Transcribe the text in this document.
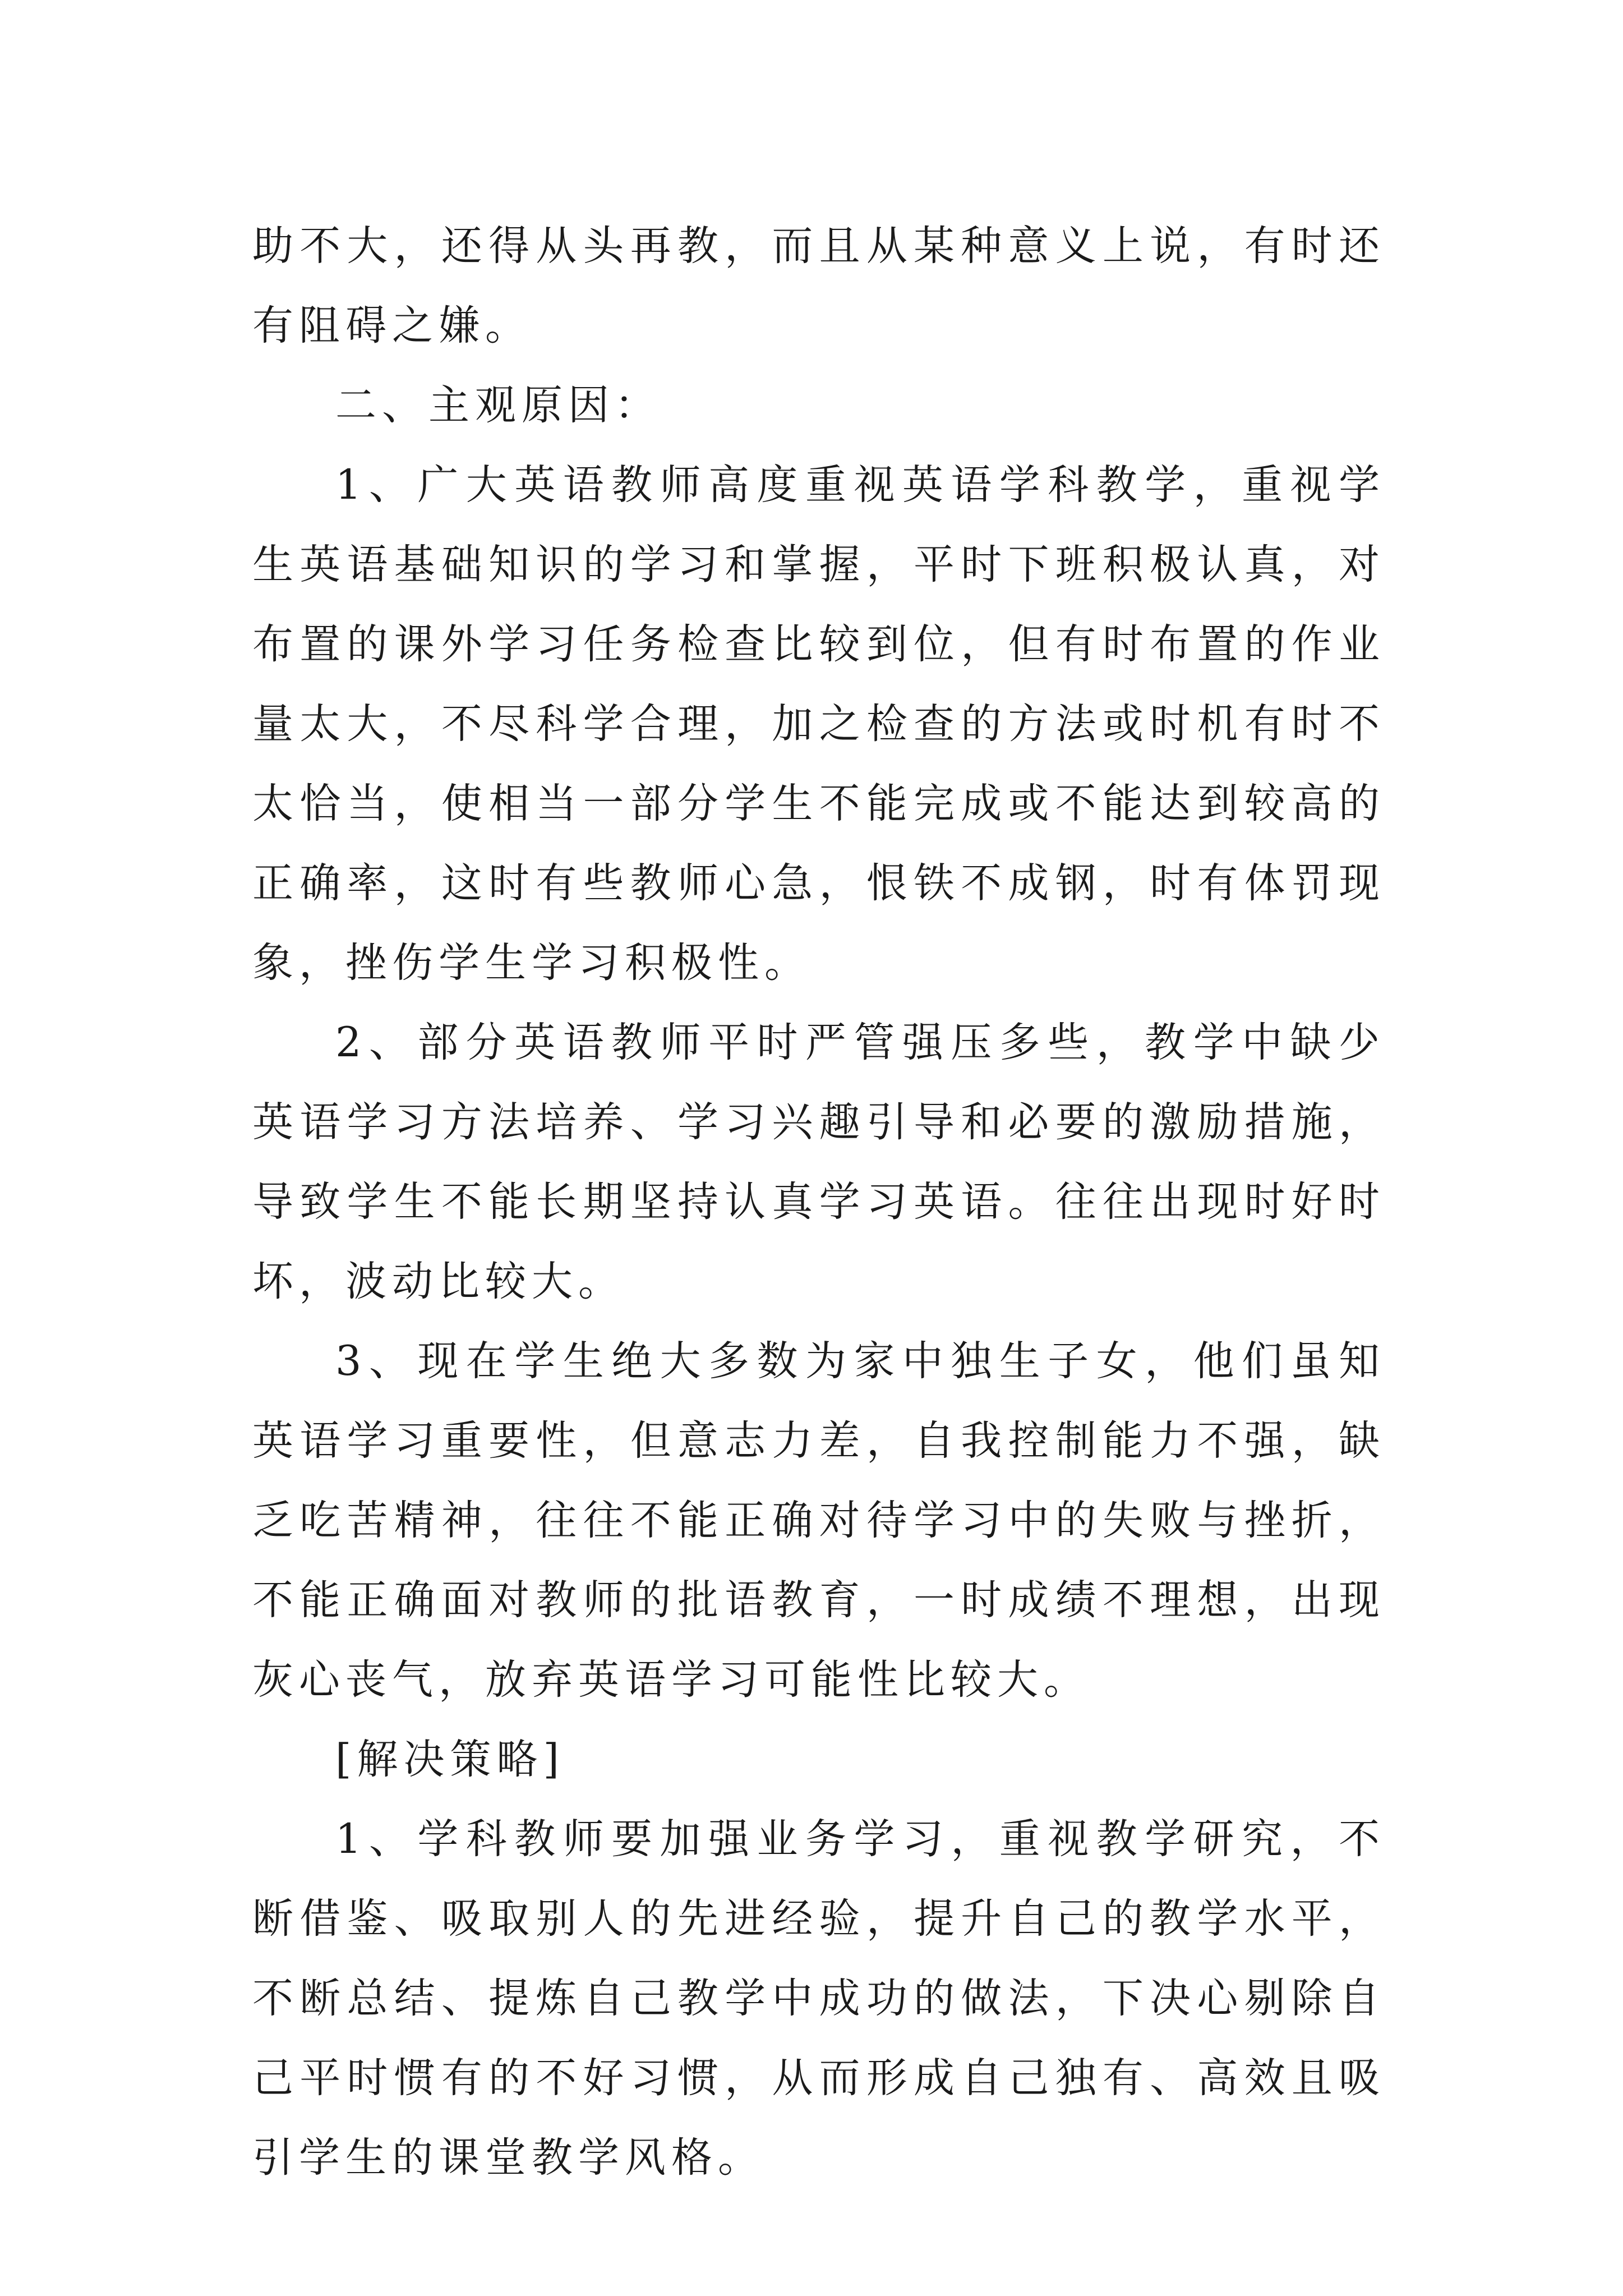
助不大，还得从头再教，而且从某种意义上说，有时还有阻碍之嫌。

二、主观原因：

1、广大英语教师高度重视英语学科教学，重视学生英语基础知识的学习和掌握，平时下班积极认真，对布置的课外学习任务检查比较到位，但有时布置的作业量太大，不尽科学合理，加之检查的方法或时机有时不太恰当，使相当一部分学生不能完成或不能达到较高的正确率，这时有些教师心急，恨铁不成钢，时有体罚现象，挫伤学生学习积极性。

2、部分英语教师平时严管强压多些，教学中缺少英语学习方法培养、学习兴趣引导和必要的激励措施，导致学生不能长期坚持认真学习英语。往往出现时好时坏，波动比较大。

3、现在学生绝大多数为家中独生子女，他们虽知英语学习重要性，但意志力差，自我控制能力不强，缺乏吃苦精神，往往不能正确对待学习中的失败与挫折，不能正确面对教师的批语教育，一时成绩不理想，出现灰心丧气，放弃英语学习可能性比较大。

[解决策略]

1、学科教师要加强业务学习，重视教学研究，不断借鉴、吸取别人的先进经验，提升自己的教学水平，不断总结、提炼自己教学中成功的做法，下决心剔除自己平时惯有的不好习惯，从而形成自己独有、高效且吸引学生的课堂教学风格。
